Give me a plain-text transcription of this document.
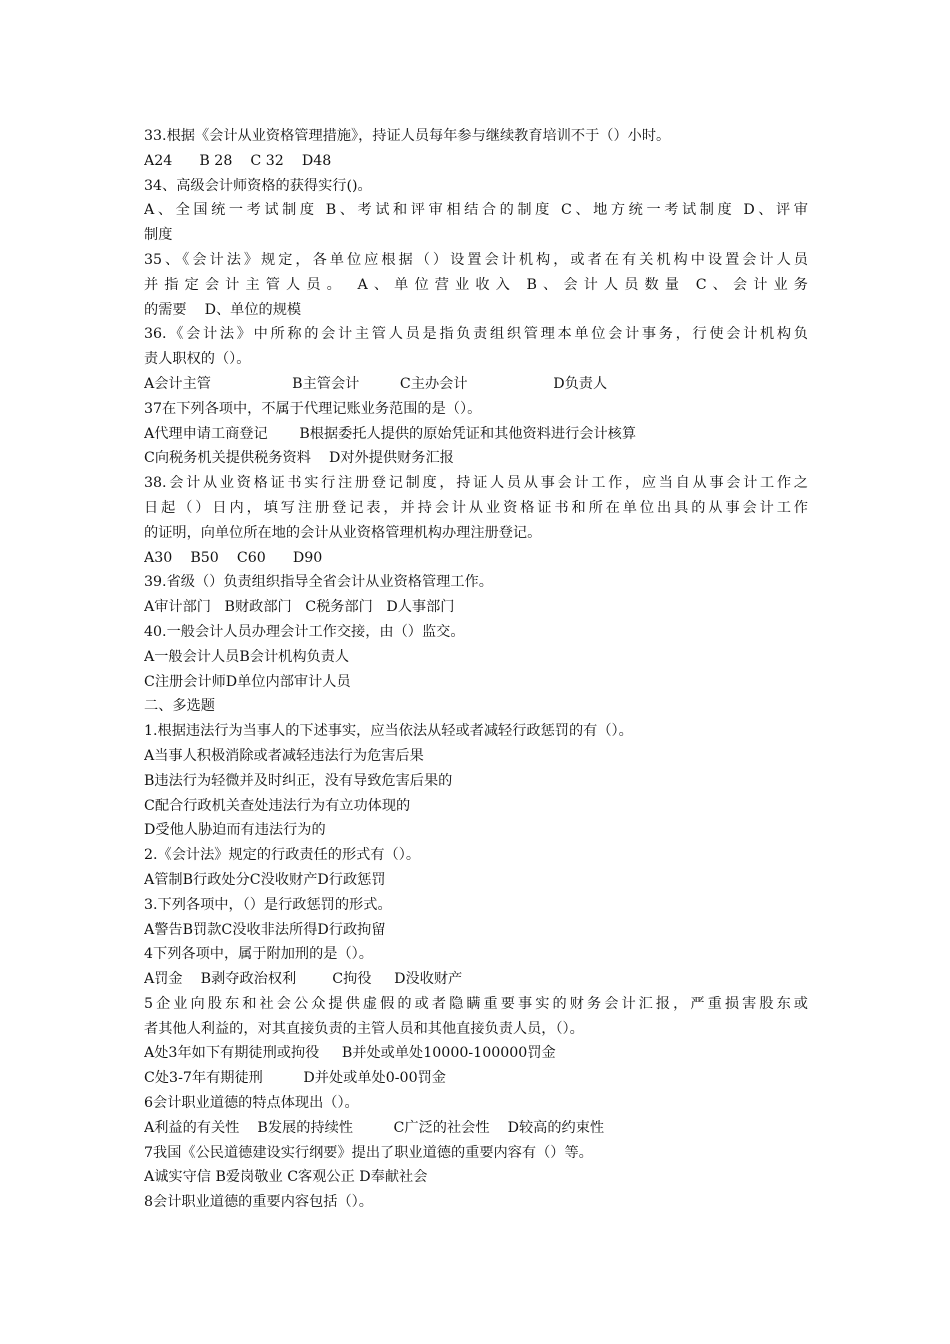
33.根据《会计从业资格管理措施》，持证人员每年参与继续教育培训不于（）小时。
A24      B 28    C 32    D48
34、高级会计师资格的获得实行()。
A、全国统一考试制度 B、考试和评审相结合的制度 C、地方统一考试制度 D、评审
制度
35、《会计法》规定，各单位应根据（）设置会计机构，或者在有关机构中设置会计人员
并指定会计主管人员。 A、单位营业收入 B、会计人员数量 C、会计业务
的需要    D、单位的规模
36.《会计法》中所称的会计主管人员是指负责组织管理本单位会计事务，行使会计机构负
责人职权的（）。
A会计主管                  B主管会计         C主办会计                   D负责人
37在下列各项中，不属于代理记账业务范围的是（）。
A代理申请工商登记       B根据委托人提供的原始凭证和其他资料进行会计核算
C向税务机关提供税务资料    D对外提供财务汇报
38.会计从业资格证书实行注册登记制度，持证人员从事会计工作，应当自从事会计工作之
日起（）日内，填写注册登记表，并持会计从业资格证书和所在单位出具的从事会计工作
的证明，向单位所在地的会计从业资格管理机构办理注册登记。
A30    B50    C60      D90
39.省级（）负责组织指导全省会计从业资格管理工作。
A审计部门   B财政部门   C税务部门   D人事部门
40.一般会计人员办理会计工作交接，由（）监交。
A一般会计人员B会计机构负责人
C注册会计师D单位内部审计人员
二、多选题
1.根据违法行为当事人的下述事实，应当依法从轻或者减轻行政惩罚的有（）。
A当事人积极消除或者减轻违法行为危害后果
B违法行为轻微并及时纠正，没有导致危害后果的
C配合行政机关查处违法行为有立功体现的
D受他人胁迫而有违法行为的
2.《会计法》规定的行政责任的形式有（）。
A管制B行政处分C没收财产D行政惩罚
3.下列各项中，（）是行政惩罚的形式。
A警告B罚款C没收非法所得D行政拘留
4下列各项中，属于附加刑的是（）。
A罚金    B剥夺政治权利        C拘役     D没收财产
5企业向股东和社会公众提供虚假的或者隐瞒重要事实的财务会计汇报，严重损害股东或
者其他人利益的，对其直接负责的主管人员和其他直接负责人员，（）。
A处3年如下有期徒刑或拘役     B并处或单处10000-100000罚金
C处3-7年有期徒刑         D并处或单处0-00罚金
6会计职业道德的特点体现出（）。
A利益的有关性    B发展的持续性         C广泛的社会性    D较高的约束性
7我国《公民道德建设实行纲要》提出了职业道德的重要内容有（）等。
A诚实守信 B爱岗敬业 C客观公正 D奉献社会
8会计职业道德的重要内容包括（）。
